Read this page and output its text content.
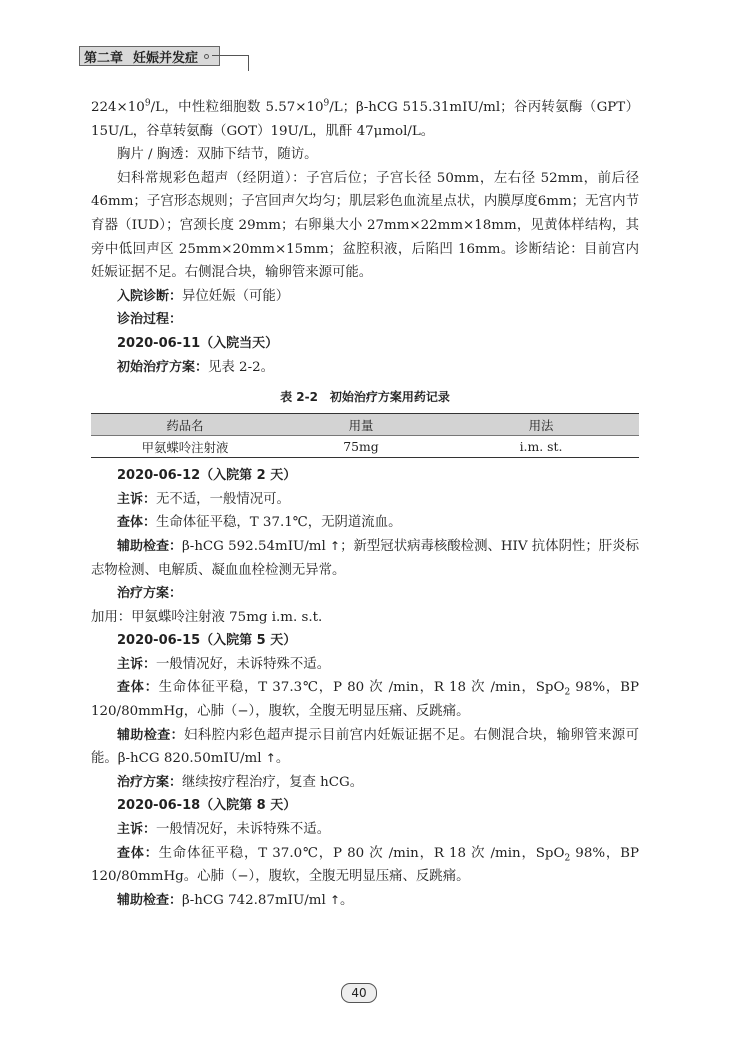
第二章 妊娠并发症

$224\times 10^9/L$，中性粒细胞数 $5.57\times 10^9/L$；β-hCG 515.31mIU/ml；谷丙转氨酶（GPT）15U/L，谷草转氨酶（GOT）19U/L，肌酐 47μmol/L。

胸片 / 胸透：双肺下结节，随访。

妇科常规彩色超声（经阴道）：子宫后位；子宫长径 50mm，左右径 52mm，前后径 46mm；子宫形态规则；子宫回声欠均匀；肌层彩色血流星点状，内膜厚度6mm；无宫内节育器（IUD）；宫颈长度 29mm；右卵巢大小 27mm×22mm×18mm，见黄体样结构，其旁中低回声区 25mm×20mm×15mm；盆腔积液，后陷凹 16mm。诊断结论：目前宫内妊娠证据不足。右侧混合块，输卵管来源可能。

入院诊断：异位妊娠（可能）

诊治过程：

2020-06-11（入院当天）

初始治疗方案：见表 2-2。

表 2-2　初始治疗方案用药记录
药品名	用量	用法
甲氨蝶呤注射液	75mg	i.m. st.

2020-06-12（入院第 2 天）

主诉：无不适，一般情况可。

查体：生命体征平稳，T 37.1℃，无阴道流血。

辅助检查：β-hCG 592.54mIU/ml ↑；新型冠状病毒核酸检测、HIV 抗体阴性；肝炎标志物检测、电解质、凝血血栓检测无异常。

治疗方案：

加用：甲氨蝶呤注射液 75mg i.m. s.t.

2020-06-15（入院第 5 天）

主诉：一般情况好，未诉特殊不适。

查体：生命体征平稳，T 37.3℃，P 80 次 /min，R 18 次 /min，SpO$_2$ 98%，BP 120/80mmHg，心肺（−），腹软，全腹无明显压痛、反跳痛。

辅助检查：妇科腔内彩色超声提示目前宫内妊娠证据不足。右侧混合块，输卵管来源可能。β-hCG 820.50mIU/ml ↑。

治疗方案：继续按疗程治疗，复查 hCG。

2020-06-18（入院第 8 天）

主诉：一般情况好，未诉特殊不适。

查体：生命体征平稳，T 37.0℃，P 80 次 /min，R 18 次 /min，SpO$_2$ 98%，BP 120/80mmHg。心肺（−），腹软，全腹无明显压痛、反跳痛。

辅助检查：β-hCG 742.87mIU/ml ↑。

40
